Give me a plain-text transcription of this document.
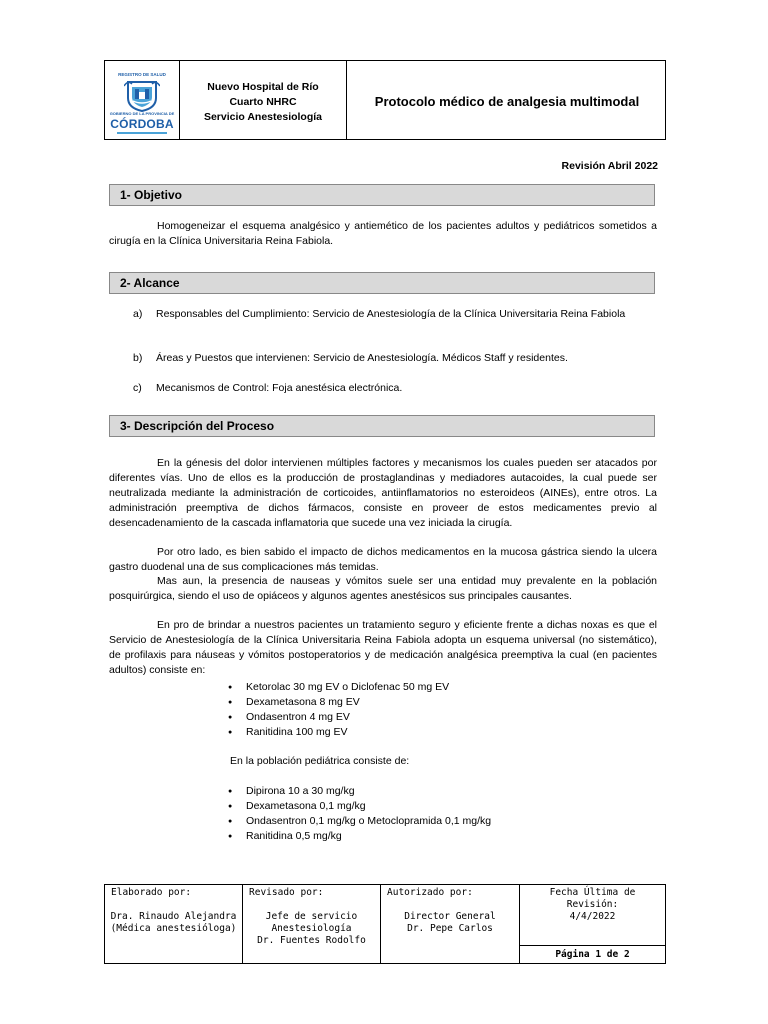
REGISTRO DE SALUD
GOBIERNO DE LA PROVINCIA DE
CÓRDOBA
Nuevo Hospital de Río
Cuarto NHRC
Servicio Anestesiología
Protocolo médico de analgesia multimodal
Revisión Abril 2022
1- Objetivo
Homogeneizar el esquema analgésico y antiemético de los pacientes adultos y pediátricos sometidos a cirugía en la Clínica Universitaria Reina Fabiola.
2- Alcance
a) Responsables del Cumplimiento: Servicio de Anestesiología de la Clínica Universitaria Reina Fabiola
b) Áreas y Puestos que intervienen: Servicio de Anestesiología. Médicos Staff y residentes.
c) Mecanismos de Control: Foja anestésica electrónica.
3- Descripción del Proceso
En la génesis del dolor intervienen múltiples factores y mecanismos los cuales pueden ser atacados por diferentes vías. Uno de ellos es la producción de prostaglandinas y mediadores autacoides, la cual puede ser neutralizada mediante la administración de corticoides, antiinflamatorios no esteroideos (AINEs), entre otros. La administración preemptiva de dichos fármacos, consiste en proveer de estos medicamentes previo al desencadenamiento de la cascada inflamatoria que sucede una vez iniciada la cirugía.
Por otro lado, es bien sabido el impacto de dichos medicamentos en la mucosa gástrica siendo la ulcera gastro duodenal una de sus complicaciones más temidas.
Mas aun, la presencia de nauseas y vómitos suele ser una entidad muy prevalente en la población posquirúrgica, siendo el uso de opiáceos y algunos agentes anestésicos sus principales causantes.
En pro de brindar a nuestros pacientes un tratamiento seguro y eficiente frente a dichas noxas es que el Servicio de Anestesiología de la Clínica Universitaria Reina Fabiola adopta un esquema universal (no sistemático), de profilaxis para náuseas y vómitos postoperatorios y de medicación analgésica preemptiva la cual (en pacientes adultos) consiste en:
● Ketorolac 30 mg EV o Diclofenac 50 mg EV
● Dexametasona 8 mg EV
● Ondasentron 4 mg EV
● Ranitidina 100 mg EV
En la población pediátrica consiste de:
● Dipirona 10 a 30 mg/kg
● Dexametasona 0,1 mg/kg
● Ondasentron 0,1 mg/kg o Metoclopramida 0,1 mg/kg
● Ranitidina 0,5 mg/kg
Elaborado por:
Dra. Rinaudo Alejandra
(Médica anestesióloga)
Revisado por:
Jefe de servicio
Anestesiología
Dr. Fuentes Rodolfo
Autorizado por:
Director General
Dr. Pepe Carlos
Fecha Última de
Revisión:
4/4/2022
Página 1 de 2
